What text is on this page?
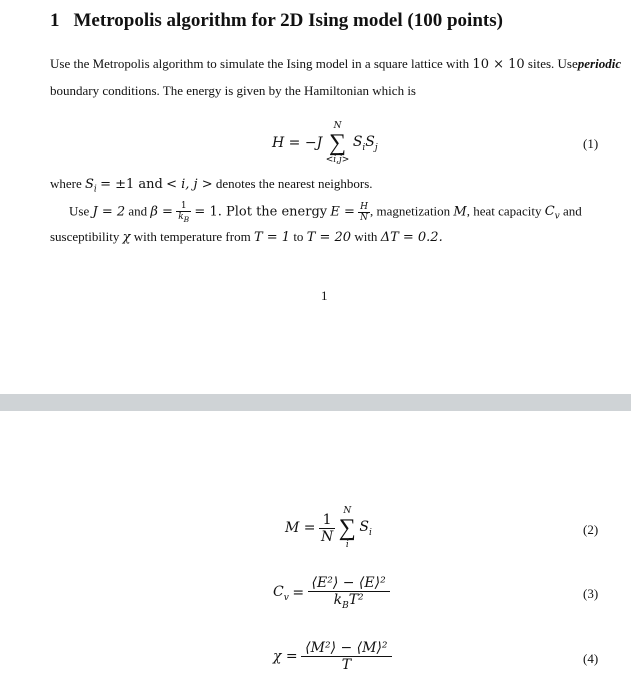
1 Metropolis algorithm for 2D Ising model (100 points)
Use the Metropolis algorithm to simulate the Ising model in a square lattice with 10 × 10 sites. Useperiodic
boundary conditions. The energy is given by the Hamiltonian which is
H = −J
N
∑
<i,j>
$S_iS_j$	(1)
where $S_i = \pm 1$ and < i, j > denotes the nearest neighbors.
Use J = 2 and $\beta = \frac{1}{k_B} = 1$. Plot the energy $E = \frac{H}{N}$ , magnetization M, heat capacity $C_v$ and
susceptibility χ with temperature from T = 1 to T = 20 with ΔT = 0.2.
1
$M = \frac{1}{N}$

N
∑
i
$S_i$	(2)
$C_v = \frac{\text{⟨E²⟩ − ⟨E⟩²}}{k_BT^2}$	(3)
$\chi = \frac{\text{⟨M²⟩ − ⟨M⟩²}}{T}$	(4)
